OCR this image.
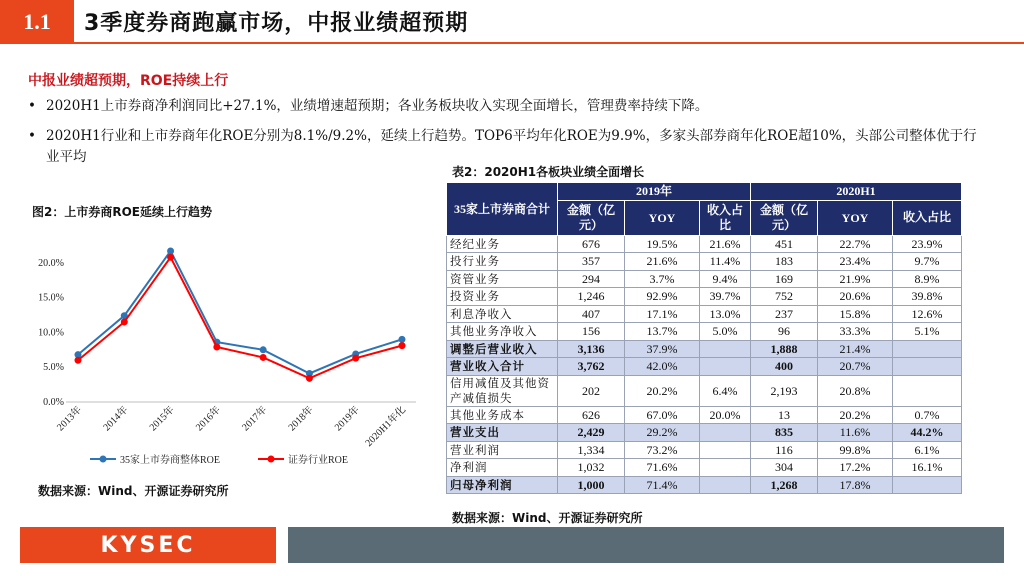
1.1	3季度券商跑赢市场，中报业绩超预期
中报业绩超预期，ROE持续上行
• 2020H1上市券商净利润同比+27.1%，业绩增速超预期；各业务板块收入实现全面增长，管理费率持续下降。
• 2020H1行业和上市券商年化ROE分别为8.1%/9.2%，延续上行趋势。TOP6平均年化ROE为9.9%，多家头部券商年化ROE超10%，头部公司整体优于行业平均
图2：上市券商ROE延续上行趋势
0.0%
5.0%
10.0%
15.0%
20.0%
2013年 2014年 2015年 2016年 2017年 2018年 2019年 2020H1年化
35家上市券商整体ROE	证券行业ROE
数据来源：Wind、开源证券研究所
表2：2020H1各板块业绩全面增长
35家上市券商合计	2019年			2020H1		
	金额（亿元）	YOY	收入占比	金额（亿元）	YOY	收入占比
经纪业务	676	19.5%	21.6%	451	22.7%	23.9%
投行业务	357	21.6%	11.4%	183	23.4%	9.7%
资管业务	294	3.7%	9.4%	169	21.9%	8.9%
投资业务	1,246	92.9%	39.7%	752	20.6%	39.8%
利息净收入	407	17.1%	13.0%	237	15.8%	12.6%
其他业务净收入	156	13.7%	5.0%	96	33.3%	5.1%
调整后营业收入	3,136	37.9%		1,888	21.4%	
营业收入合计	3,762	42.0%		400	20.7%	
信用减值及其他资产减值损失	202	20.2%	6.4%	2,193	20.8%	
其他业务成本	626	67.0%	20.0%	13	20.2%	0.7%
营业支出	2,429	29.2%		835	11.6%	44.2%
营业利润	1,334	73.2%		116	99.8%	6.1%
净利润	1,032	71.6%		304	17.2%	16.1%
归母净利润	1,000	71.4%		1,268	17.8%	
数据来源：Wind、开源证券研究所
KYSEC
